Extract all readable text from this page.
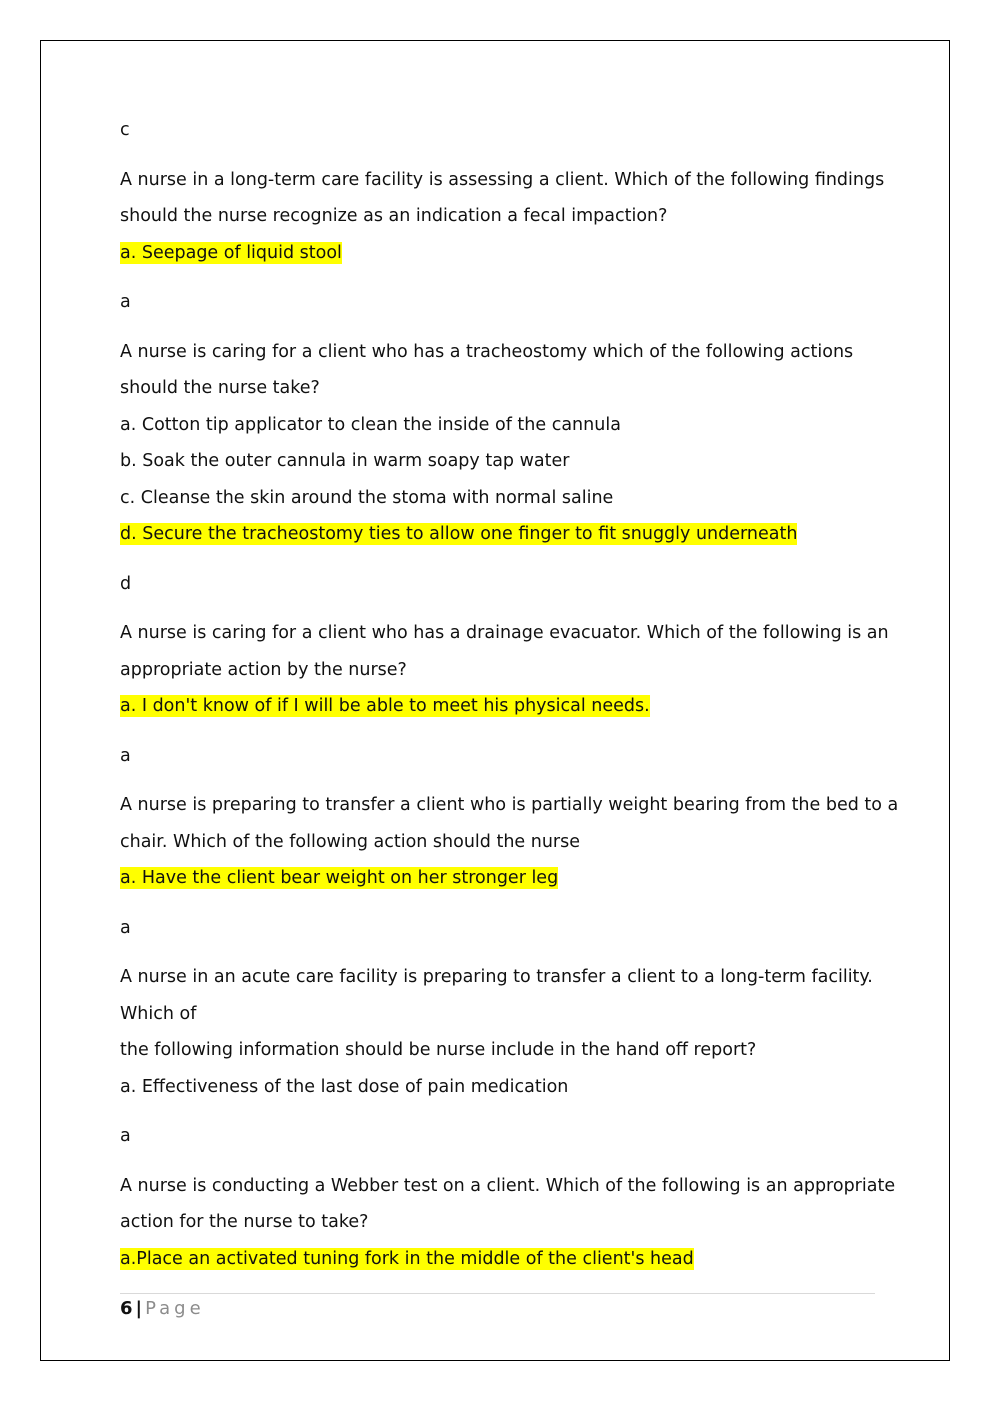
c
A nurse in a long-term care facility is assessing a client. Which of the following findings
should the nurse recognize as an indication a fecal impaction?
a. Seepage of liquid stool
a
A nurse is caring for a client who has a tracheostomy which of the following actions
should the nurse take?
a. Cotton tip applicator to clean the inside of the cannula
b. Soak the outer cannula in warm soapy tap water
c. Cleanse the skin around the stoma with normal saline
d. Secure the tracheostomy ties to allow one finger to fit snuggly underneath
d
A nurse is caring for a client who has a drainage evacuator. Which of the following is an
appropriate action by the nurse?
a. I don't know of if I will be able to meet his physical needs.
a
A nurse is preparing to transfer a client who is partially weight bearing from the bed to a
chair. Which of the following action should the nurse
a. Have the client bear weight on her stronger leg
a
A nurse in an acute care facility is preparing to transfer a client to a long-term facility.
Which of
the following information should be nurse include in the hand off report?
a. Effectiveness of the last dose of pain medication
a
A nurse is conducting a Webber test on a client. Which of the following is an appropriate
action for the nurse to take?
a.Place an activated tuning fork in the middle of the client's head
6 | Page
